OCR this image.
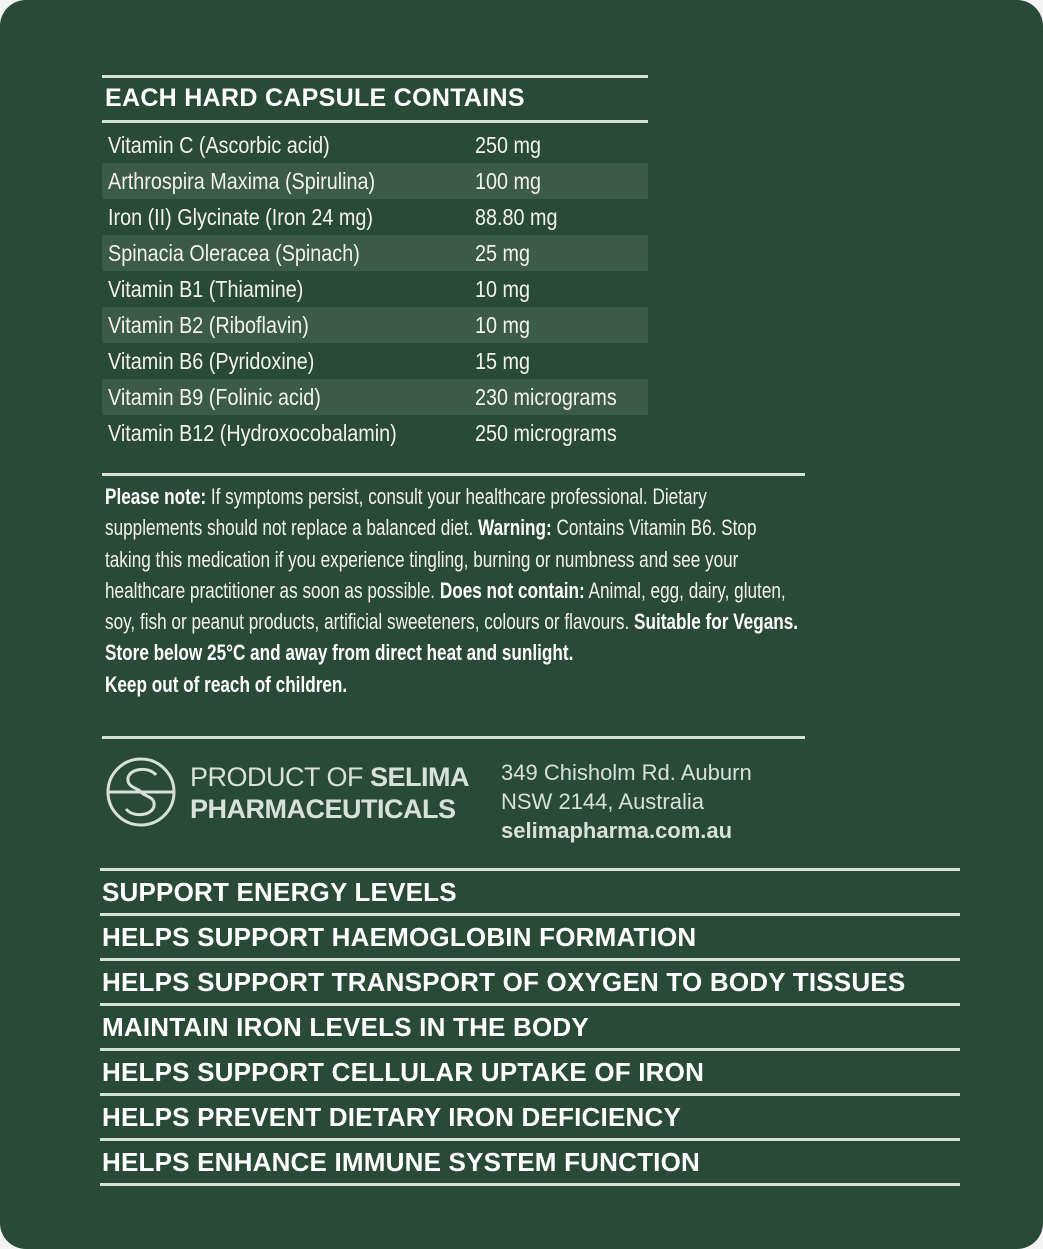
EACH HARD CAPSULE CONTAINS
Vitamin C (Ascorbic acid)	250 mg
Arthrospira Maxima (Spirulina)	100 mg
Iron (II) Glycinate (Iron 24 mg)	88.80 mg
Spinacia Oleracea (Spinach)	25 mg
Vitamin B1 (Thiamine)	10 mg
Vitamin B2 (Riboflavin)	10 mg
Vitamin B6 (Pyridoxine)	15 mg
Vitamin B9 (Folinic acid)	230 micrograms
Vitamin B12 (Hydroxocobalamin)	250 micrograms
Please note: If symptoms persist, consult your healthcare professional. Dietary supplements should not replace a balanced diet. Warning: Contains Vitamin B6. Stop taking this medication if you experience tingling, burning or numbness and see your healthcare practitioner as soon as possible. Does not contain: Animal, egg, dairy, gluten, soy, fish or peanut products, artificial sweeteners, colours or flavours. Suitable for Vegans.
Store below 25°C and away from direct heat and sunlight.
Keep out of reach of children.
PRODUCT OF SELIMA
PHARMACEUTICALS
349 Chisholm Rd. Auburn
NSW 2144, Australia
selimapharma.com.au
SUPPORT ENERGY LEVELS
HELPS SUPPORT HAEMOGLOBIN FORMATION
HELPS SUPPORT TRANSPORT OF OXYGEN TO BODY TISSUES
MAINTAIN IRON LEVELS IN THE BODY
HELPS SUPPORT CELLULAR UPTAKE OF IRON
HELPS PREVENT DIETARY IRON DEFICIENCY
HELPS ENHANCE IMMUNE SYSTEM FUNCTION
